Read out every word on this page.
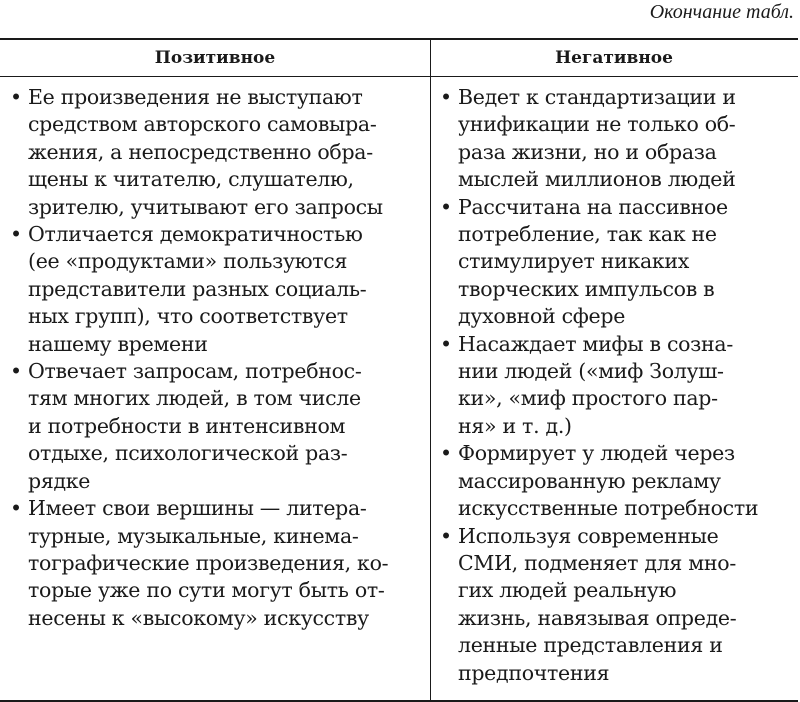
Окончание табл.
Позитивное	Негативное
• Ее произведения не выступают
средством авторского самовыра-
жения, а непосредственно обра-
щены к читателю, слушателю,
зрителю, учитывают его запросы
• Отличается демократичностью
(ее «продуктами» пользуются
представители разных социаль-
ных групп), что соответствует
нашему времени
• Отвечает запросам, потребнос-
тям многих людей, в том числе
и потребности в интенсивном
отдыхе, психологической раз-
рядке
• Имеет свои вершины — литера-
турные, музыкальные, кинема-
тографические произведения, ко-
торые уже по сути могут быть от-
несены к «высокому» искусству
• Ведет к стандартизации и
унификации не только об-
раза жизни, но и образа
мыслей миллионов людей
• Рассчитана на пассивное
потребление, так как не
стимулирует никаких
творческих импульсов в
духовной сфере
• Насаждает мифы в созна-
нии людей («миф Золуш-
ки», «миф простого пар-
ня» и т. д.)
• Формирует у людей через
массированную рекламу
искусственные потребности
• Используя современные
СМИ, подменяет для мно-
гих людей реальную
жизнь, навязывая опреде-
ленные представления и
предпочтения
